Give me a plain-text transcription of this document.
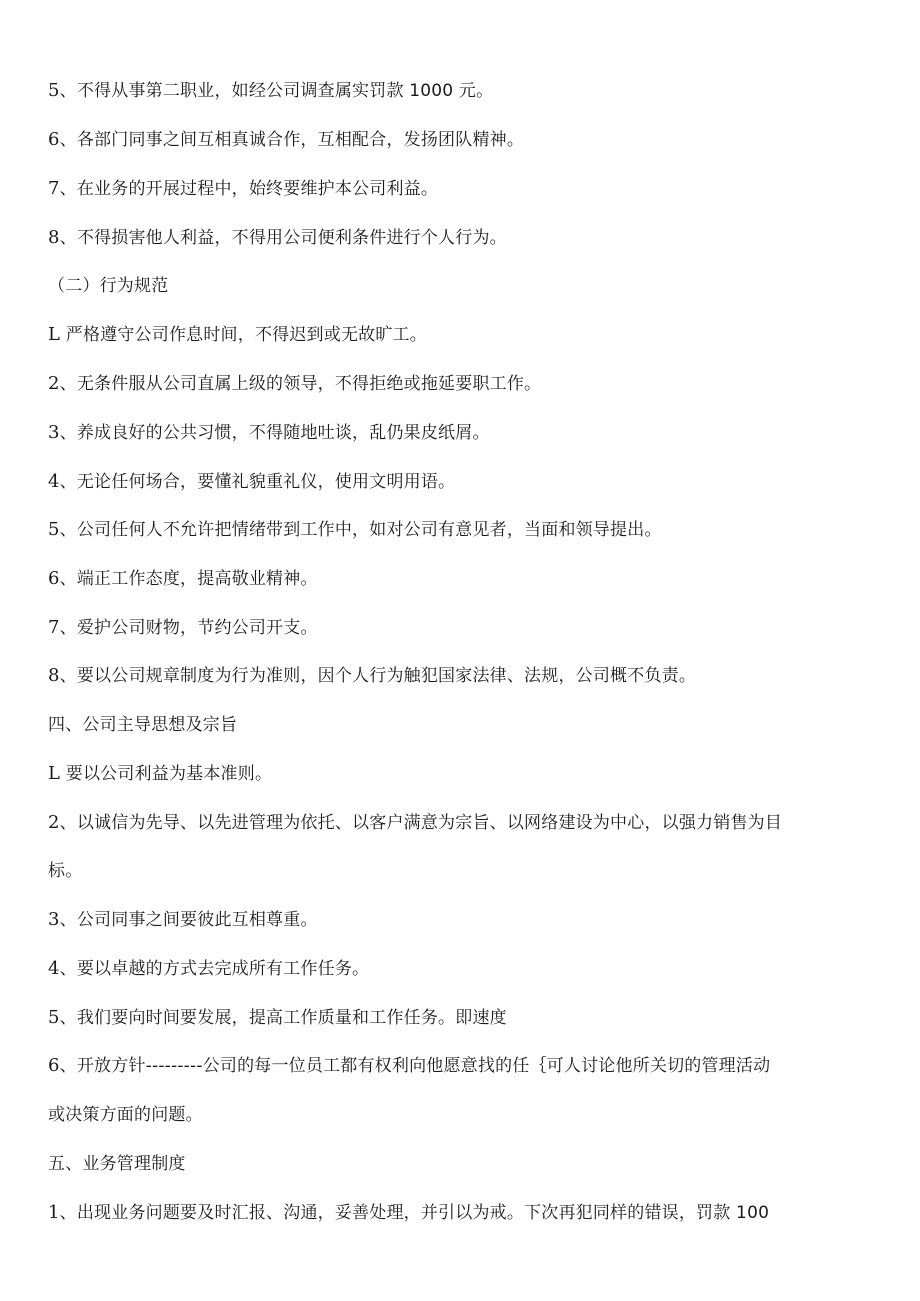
5、不得从事第二职业，如经公司调查属实罚款 1000 元。
6、各部门同事之间互相真诚合作，互相配合，发扬团队精神。
7、在业务的开展过程中，始终要维护本公司利益。
8、不得损害他人利益，不得用公司便利条件进行个人行为。
（二）行为规范
L 严格遵守公司作息时间，不得迟到或无故旷工。
2、无条件服从公司直属上级的领导，不得拒绝或拖延要职工作。
3、养成良好的公共习惯，不得随地吐谈，乱仍果皮纸屑。
4、无论任何场合，要懂礼貌重礼仪，使用文明用语。
5、公司任何人不允许把情绪带到工作中，如对公司有意见者，当面和领导提出。
6、端正工作态度，提高敬业精神。
7、爱护公司财物，节约公司开支。
8、要以公司规章制度为行为准则，因个人行为触犯国家法律、法规，公司概不负责。
四、公司主导思想及宗旨
L 要以公司利益为基本准则。
2、以诚信为先导、以先进管理为依托、以客户满意为宗旨、以网络建设为中心，以强力销售为目
标。
3、公司同事之间要彼此互相尊重。
4、要以卓越的方式去完成所有工作任务。
5、我们要向时间要发展，提高工作质量和工作任务。即速度
6、开放方针---------公司的每一位员工都有权利向他愿意找的任｛可人讨论他所关切的管理活动
或决策方面的问题。
五、业务管理制度
1、出现业务问题要及时汇报、沟通，妥善处理，并引以为戒。下次再犯同样的错误，罚款 100
